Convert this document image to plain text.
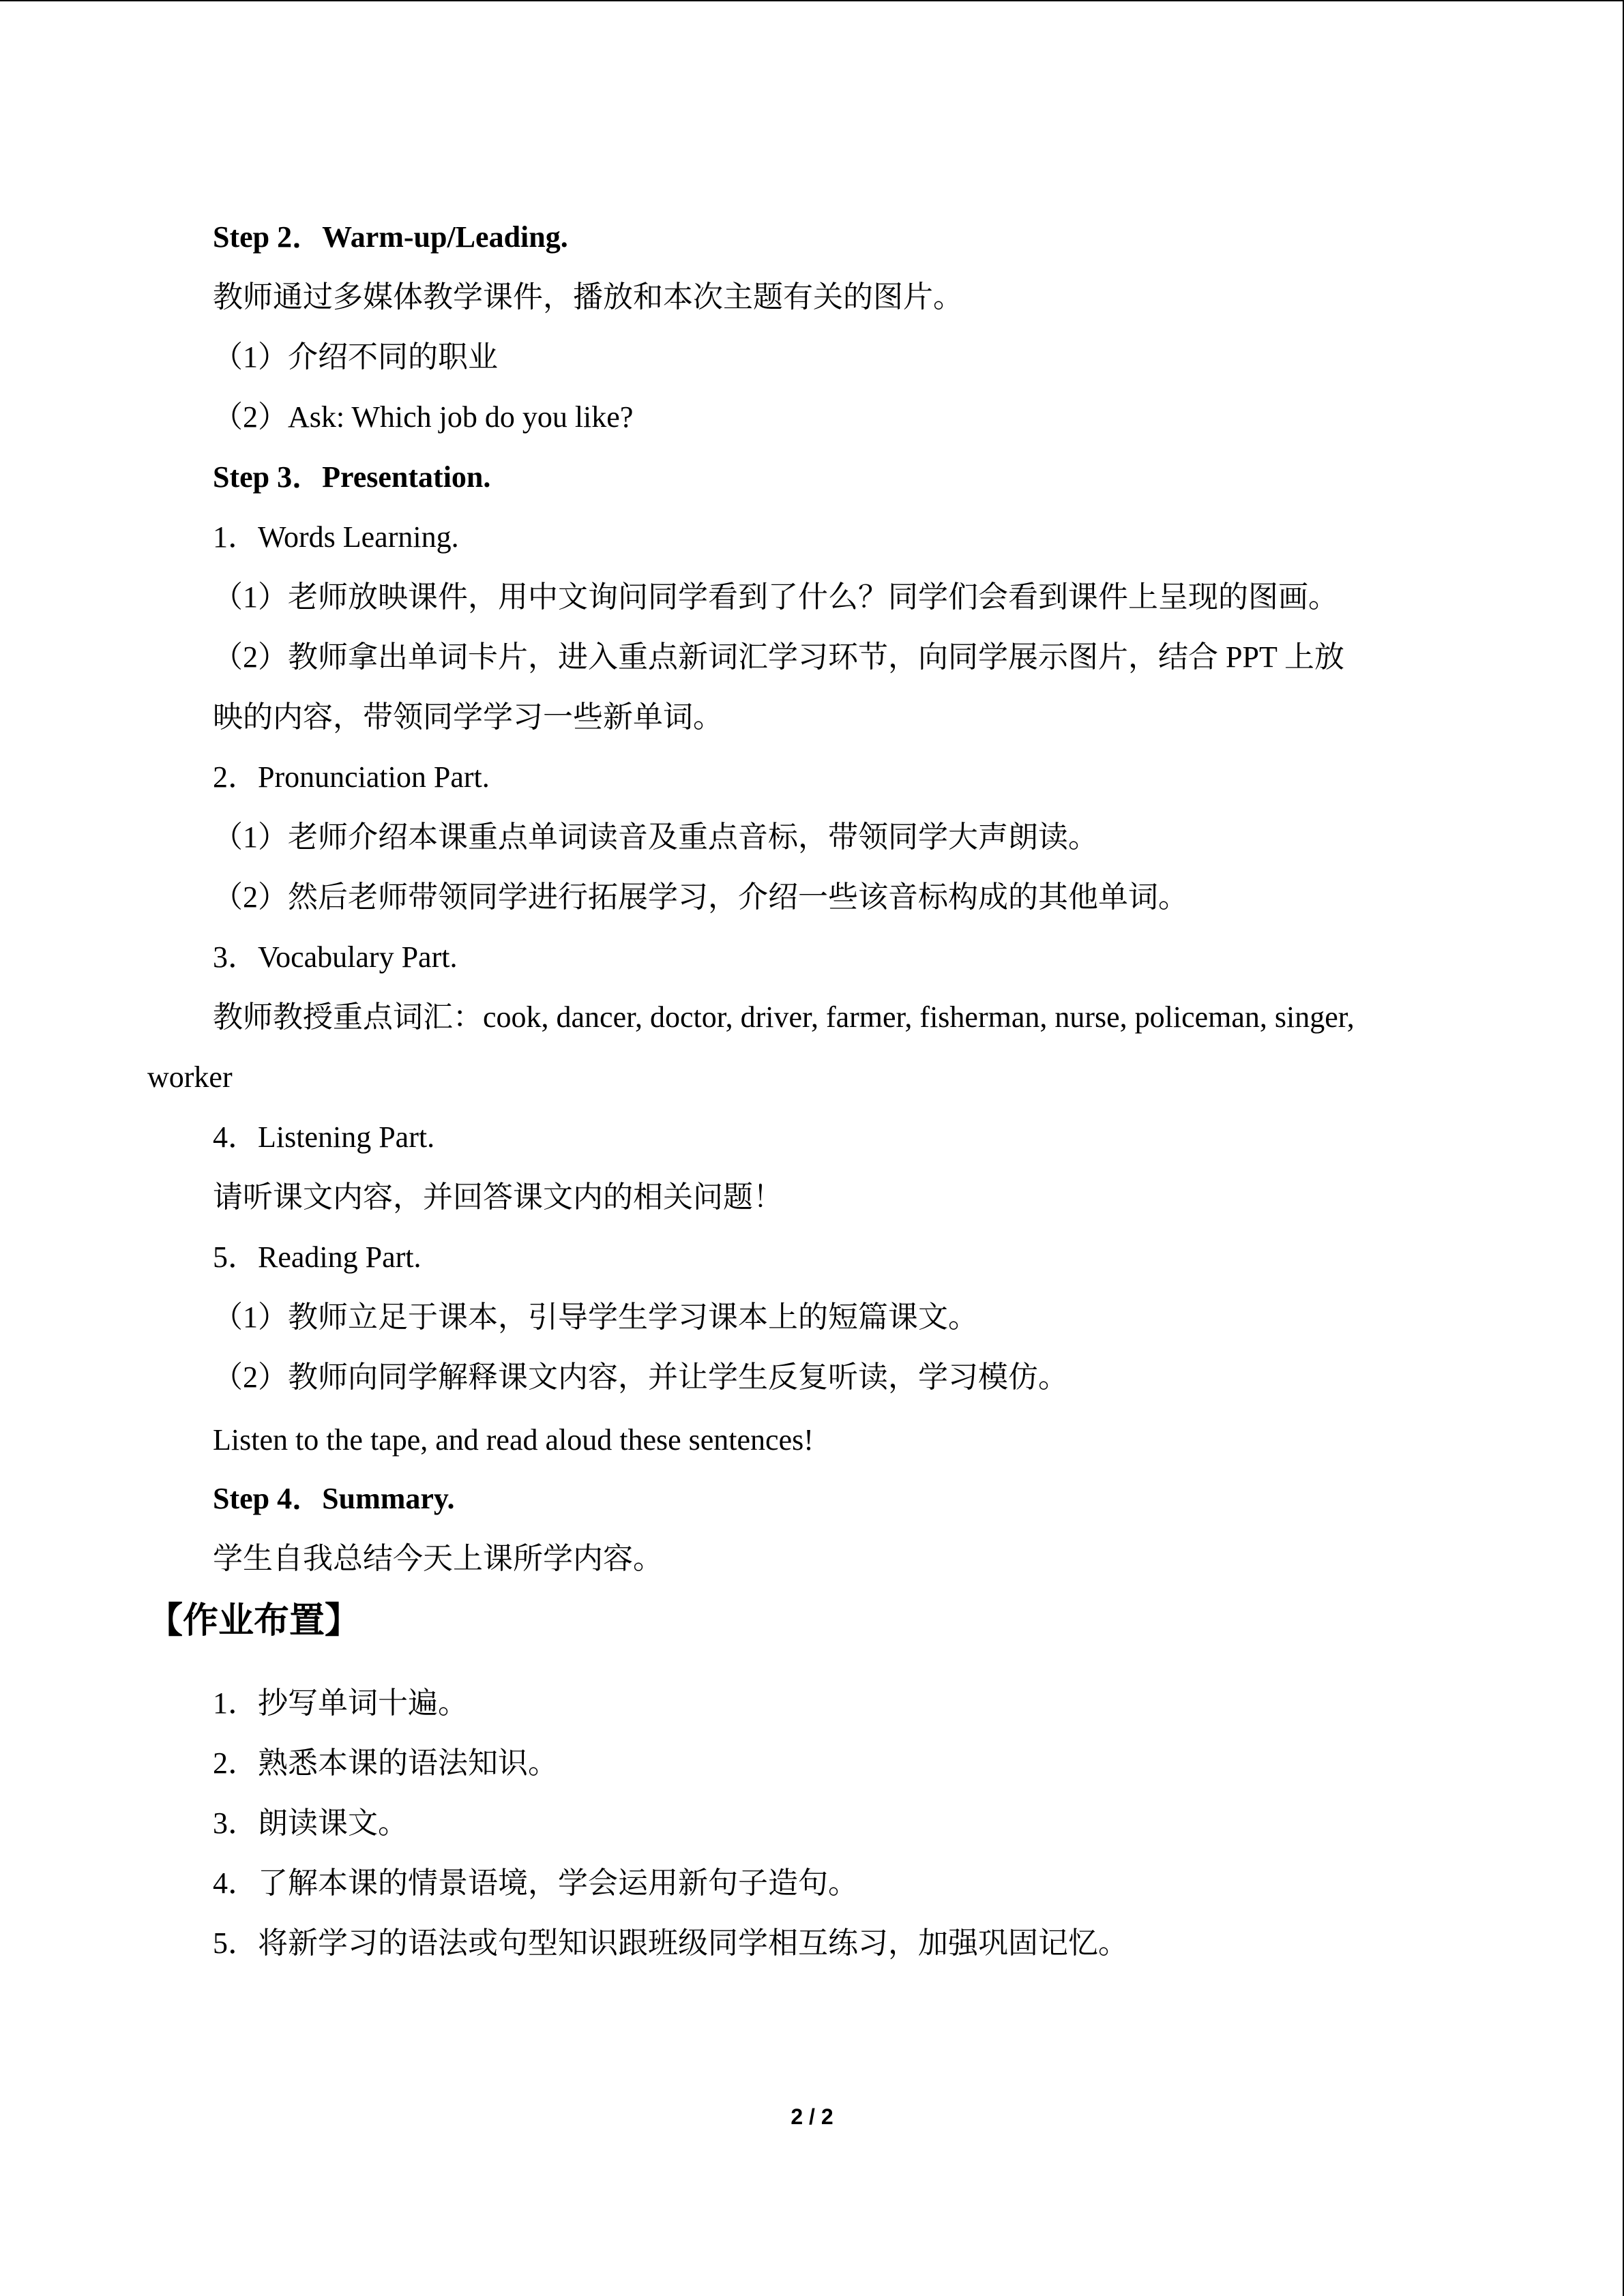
Step 2．Warm-up/Leading.
教师通过多媒体教学课件，播放和本次主题有关的图片。
（1）介绍不同的职业
（2）Ask: Which job do you like?
Step 3．Presentation.
1．Words Learning.
（1）老师放映课件，用中文询问同学看到了什么？同学们会看到课件上呈现的图画。
（2）教师拿出单词卡片，进入重点新词汇学习环节，向同学展示图片，结合 PPT 上放
映的内容，带领同学学习一些新单词。
2．Pronunciation Part.
（1）老师介绍本课重点单词读音及重点音标，带领同学大声朗读。
（2）然后老师带领同学进行拓展学习，介绍一些该音标构成的其他单词。
3．Vocabulary Part.
教师教授重点词汇：cook, dancer, doctor, driver, farmer, fisherman, nurse, policeman, singer,
worker
4．Listening Part.
请听课文内容，并回答课文内的相关问题！
5．Reading Part.
（1）教师立足于课本，引导学生学习课本上的短篇课文。
（2）教师向同学解释课文内容，并让学生反复听读，学习模仿。
Listen to the tape, and read aloud these sentences!
Step 4．Summary.
学生自我总结今天上课所学内容。
【作业布置】
1．抄写单词十遍。
2．熟悉本课的语法知识。
3．朗读课文。
4．了解本课的情景语境，学会运用新句子造句。
5．将新学习的语法或句型知识跟班级同学相互练习，加强巩固记忆。
2 / 2
